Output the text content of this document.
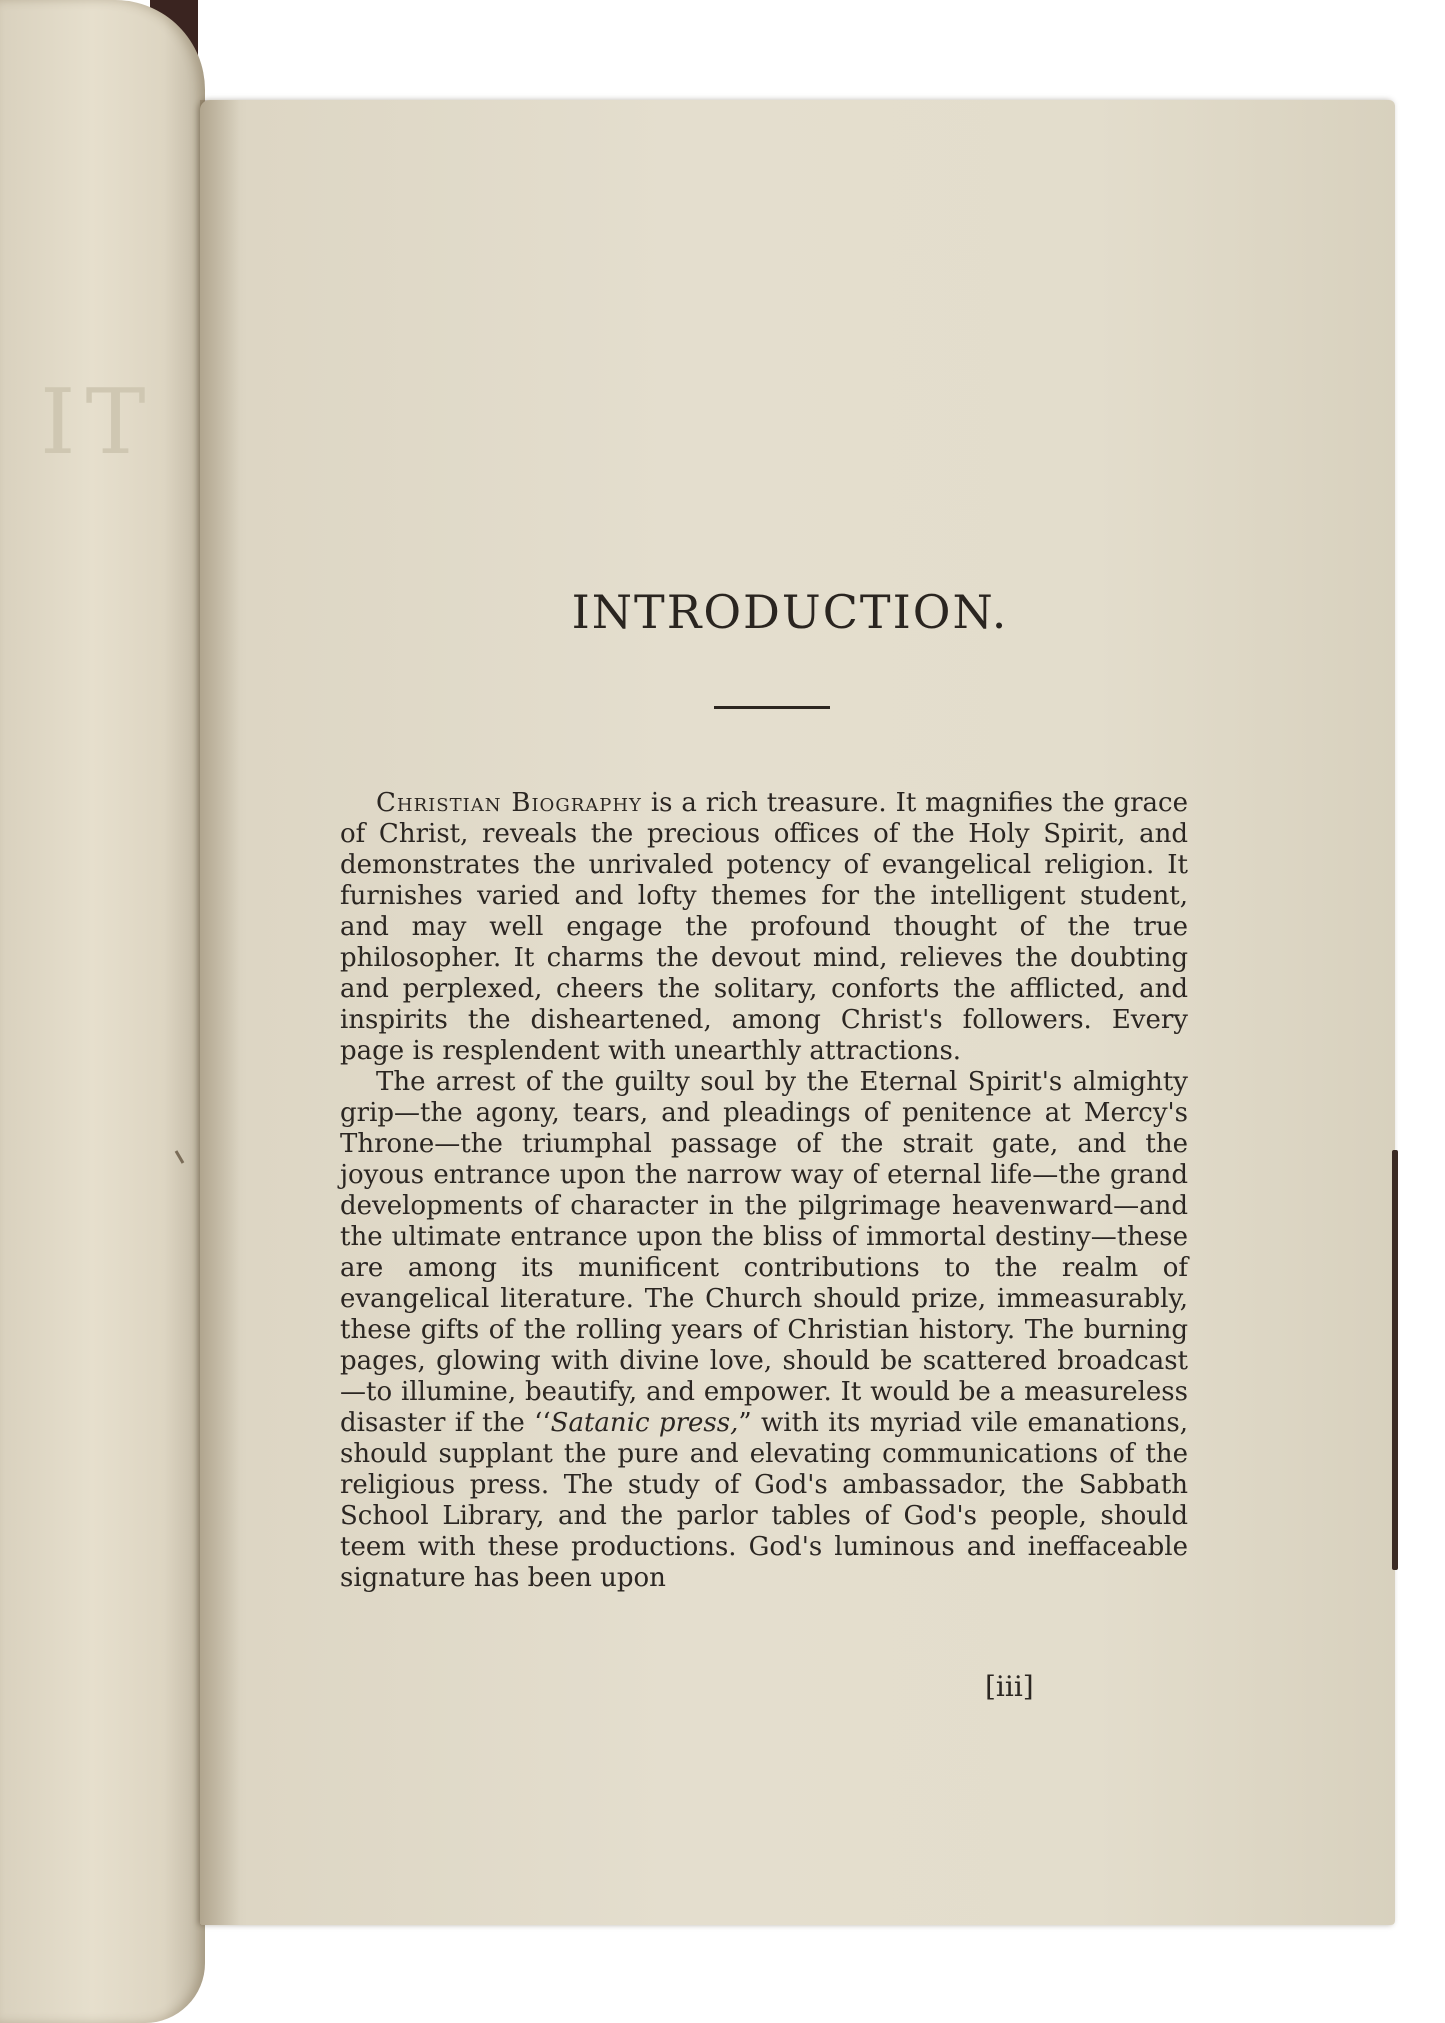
IT
INTRODUCTION.

Christian Biography is a rich treasure. It magnifies the grace of Christ, reveals the precious offices of the Holy Spirit, and demonstrates the unrivaled potency of evangelical religion. It furnishes varied and lofty themes for the intelligent student, and may well engage the profound thought of the true philosopher. It charms the devout mind, relieves the doubting and perplexed, cheers the solitary, conforts the afflicted, and inspirits the disheartened, among Christ's followers. Every page is resplendent with unearthly attractions.

The arrest of the guilty soul by the Eternal Spirit's almighty grip—the agony, tears, and pleadings of penitence at Mercy's Throne—the triumphal passage of the strait gate, and the joyous entrance upon the narrow way of eternal life—the grand developments of character in the pilgrimage heavenward—and the ultimate entrance upon the bliss of immortal destiny—these are among its munificent contributions to the realm of evangelical literature. The Church should prize, immeasurably, these gifts of the rolling years of Christian history. The burning pages, glowing with divine love, should be scattered broadcast—to illumine, beautify, and empower. It would be a measureless disaster if the ‘‘Satanic press,” with its myriad vile emanations, should supplant the pure and elevating communications of the religious press. The study of God's ambassador, the Sabbath School Library, and the parlor tables of God's people, should teem with these productions. God's luminous and ineffaceable signature has been upon

[iii]
